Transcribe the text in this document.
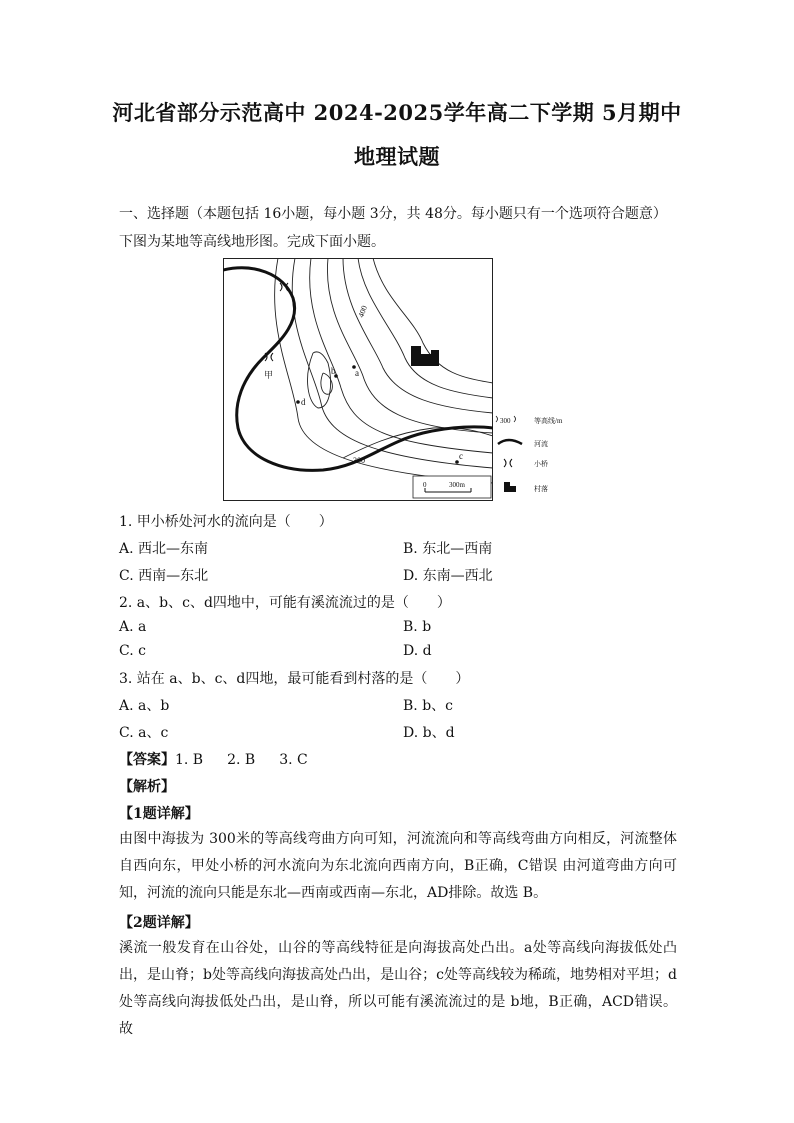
河北省部分示范高中 2024-2025学年高二下学期 5月期中
地理试题
一、选择题（本题包括 16小题，每小题 3分，共 48分。每小题只有一个选项符合题意）
下图为某地等高线地形图。完成下面小题。
甲	a
b
c
d
400
300
0	300m
300	等高线/m
河流
小桥
村落
1. 甲小桥处河水的流向是（　　）
A. 西北—东南	B. 东北—西南
C. 西南—东北	D. 东南—西北
2. a、b、c、d四地中，可能有溪流流过的是（　　）
A. a	B. b
C. c	D. d
3. 站在 a、b、c、d四地，最可能看到村落的是（　　）
A. a、b	B. b、c
C. a、c	D. b、d
【答案】1. B 2. B 3. C
【解析】
【1题详解】
由图中海拔为 300米的等高线弯曲方向可知，河流流向和等高线弯曲方向相反，河流整体自西向东，甲处小桥的河水流向为东北流向西南方向，B正确，C错误 由河道弯曲方向可知，河流的流向只能是东北—西南或西南—东北，AD排除。故选 B。
【2题详解】
溪流一般发育在山谷处，山谷的等高线特征是向海拔高处凸出。a处等高线向海拔低处凸出，是山脊；b处等高线向海拔高处凸出，是山谷；c处等高线较为稀疏，地势相对平坦；d处等高线向海拔低处凸出，是山脊，所以可能有溪流流过的是 b地，B正确，ACD错误。故
